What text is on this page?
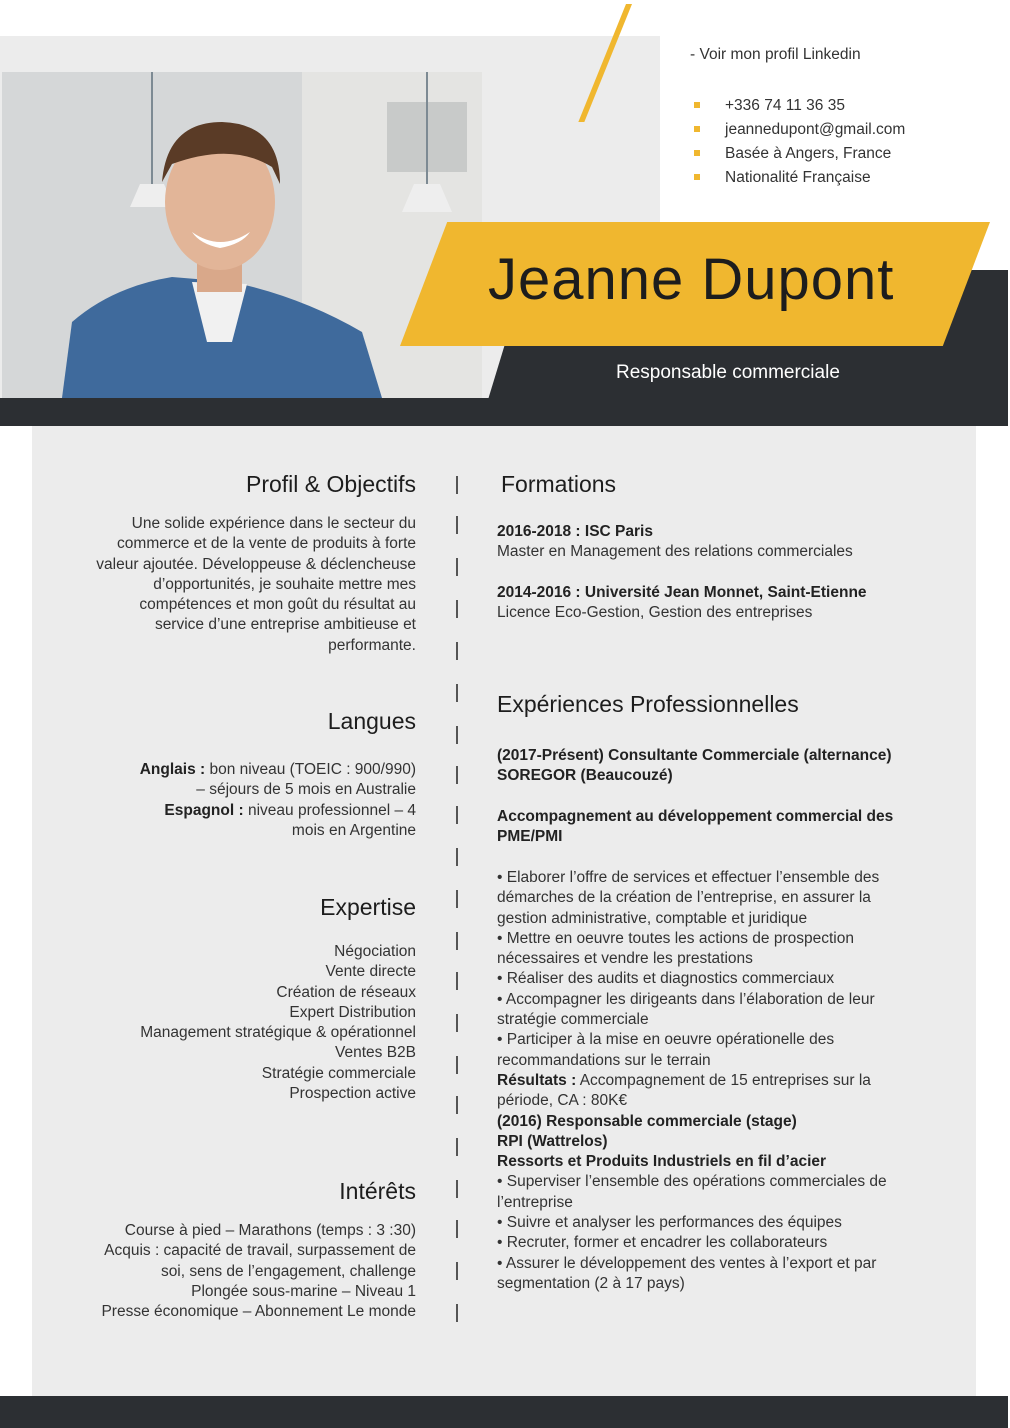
Jeanne Dupont
Responsable commerciale
- Voir mon profil Linkedin
+336 74 11 36 35
jeannedupont@gmail.com
Basée à Angers, France
Nationalité Française
Profil & Objectifs
Une solide expérience dans le secteur du
commerce et de la vente de produits à forte
valeur ajoutée. Développeuse & déclencheuse
d’opportunités, je souhaite mettre mes
compétences et mon goût du résultat au
service d’une entreprise ambitieuse et
performante.
Langues
Anglais : bon niveau (TOEIC : 900/990)
– séjours de 5 mois en Australie
Espagnol : niveau professionnel – 4
mois en Argentine
Expertise
Négociation
Vente directe
Création de réseaux
Expert Distribution
Management stratégique & opérationnel
Ventes B2B
Stratégie commerciale
Prospection active
Intérêts
Course à pied – Marathons (temps : 3 :30)
Acquis : capacité de travail, surpassement de
soi, sens de l’engagement, challenge
Plongée sous-marine – Niveau 1
Presse économique – Abonnement Le monde
Formations
2016-2018 : ISC Paris
Master en Management des relations commerciales
2014-2016 : Université Jean Monnet, Saint-Etienne
Licence Eco-Gestion, Gestion des entreprises
Expériences Professionnelles
(2017-Présent) Consultante Commerciale (alternance)
SOREGOR (Beaucouzé)
Accompagnement au développement commercial des
PME/PMI
• Elaborer l’offre de services et effectuer l’ensemble des
démarches de la création de l’entreprise, en assurer la
gestion administrative, comptable et juridique
• Mettre en oeuvre toutes les actions de prospection
nécessaires et vendre les prestations
• Réaliser des audits et diagnostics commerciaux
• Accompagner les dirigeants dans l’élaboration de leur
stratégie commerciale
• Participer à la mise en oeuvre opérationelle des
recommandations sur le terrain
Résultats : Accompagnement de 15 entreprises sur la
période, CA : 80K€
(2016) Responsable commerciale (stage)
RPI (Wattrelos)
Ressorts et Produits Industriels en fil d’acier
• Superviser l’ensemble des opérations commerciales de
l’entreprise
• Suivre et analyser les performances des équipes
• Recruter, former et encadrer les collaborateurs
• Assurer le développement des ventes à l’export et par
segmentation (2 à 17 pays)
